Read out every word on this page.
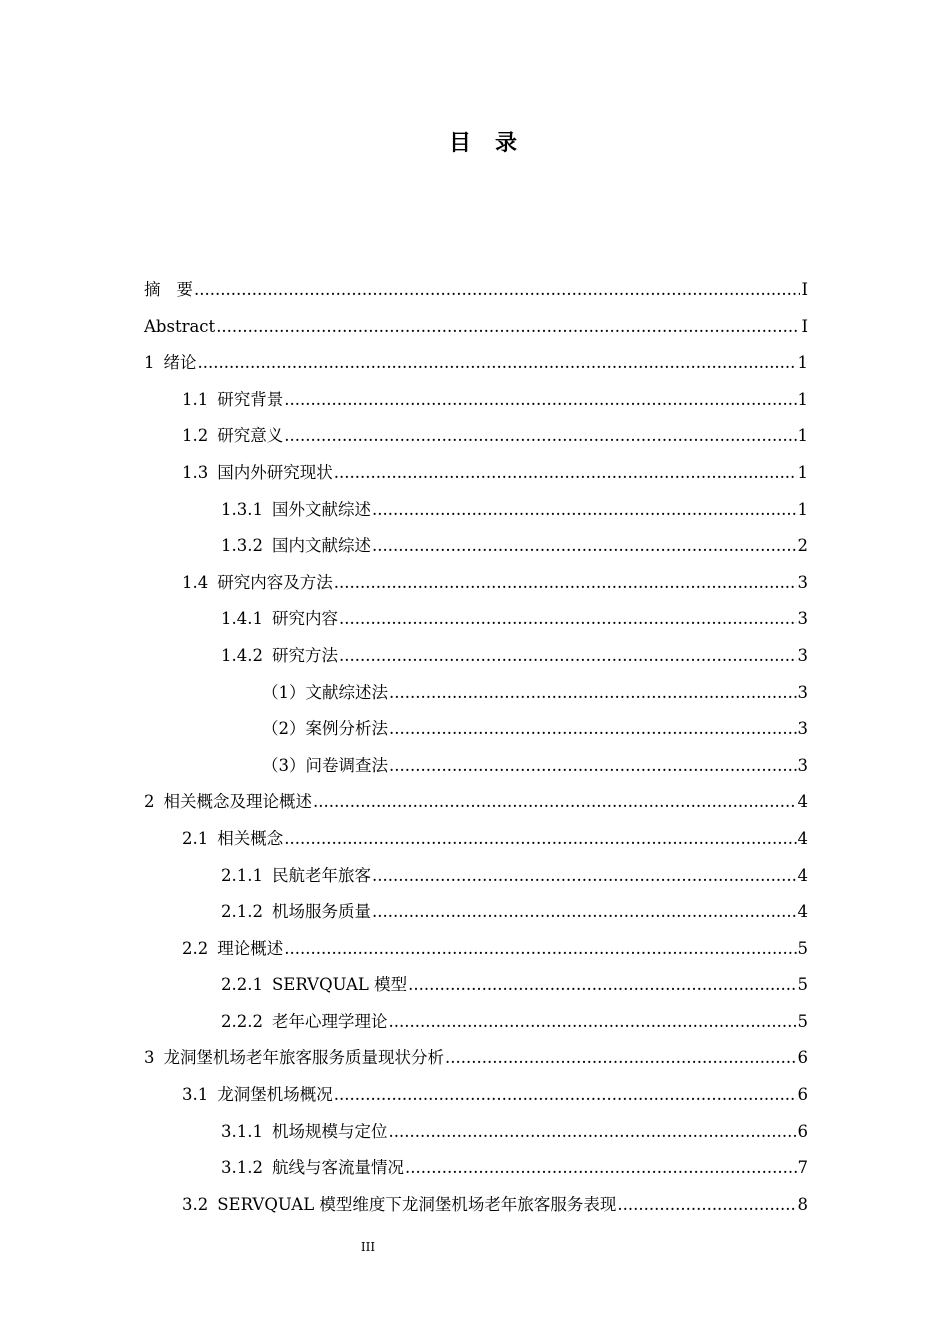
目录
摘要 .....	I
Abstract .....	I
1 绪论 .....	1
1.1 研究背景 .....	1
1.2 研究意义 .....	1
1.3 国内外研究现状 .....	1
1.3.1 国外文献综述 .....	1
1.3.2 国内文献综述 .....	2
1.4 研究内容及方法 .....	3
1.4.1 研究内容 .....	3
1.4.2 研究方法 .....	3
（1）文献综述法 .....	3
（2）案例分析法 .....	3
（3）问卷调查法 .....	3
2 相关概念及理论概述 .....	4
2.1 相关概念 .....	4
2.1.1 民航老年旅客 .....	4
2.1.2 机场服务质量 .....	4
2.2 理论概述 .....	5
2.2.1 SERVQUAL 模型 .....	5
2.2.2 老年心理学理论 .....	5
3 龙洞堡机场老年旅客服务质量现状分析 .....	6
3.1 龙洞堡机场概况 .....	6
3.1.1 机场规模与定位 .....	6
3.1.2 航线与客流量情况 .....	7
3.2 SERVQUAL 模型维度下龙洞堡机场老年旅客服务表现 .....	8
III
